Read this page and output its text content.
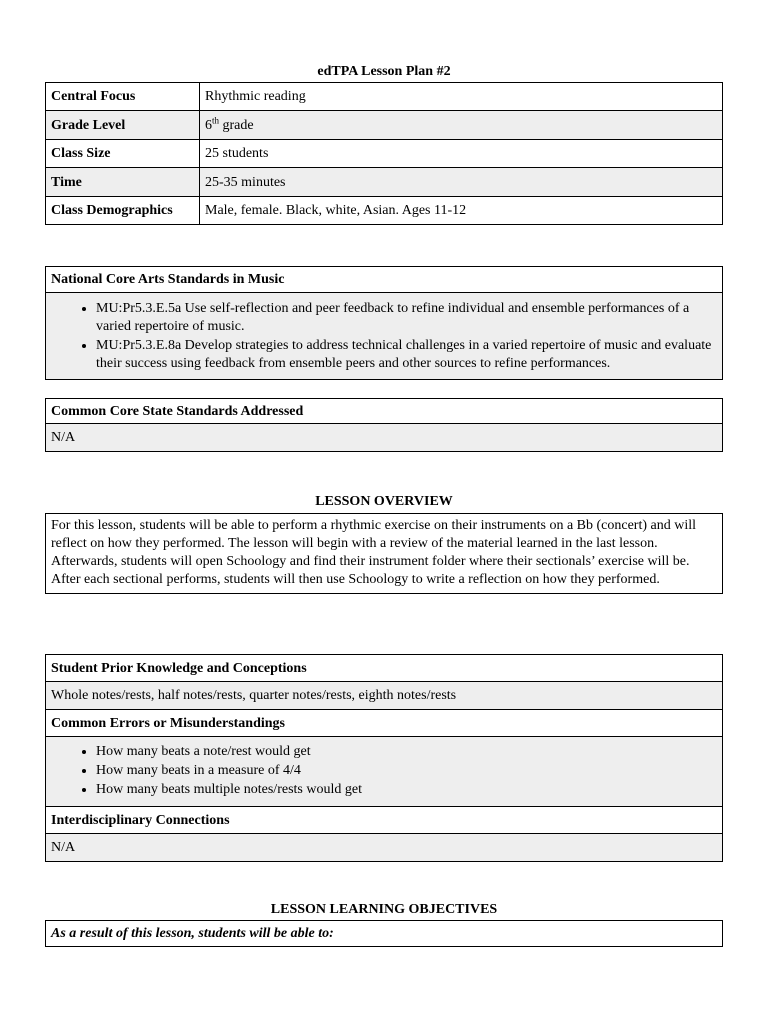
edTPA Lesson Plan #2
Central Focus	Rhythmic reading
Grade Level	6th grade
Class Size	25 students
Time	25-35 minutes
Class Demographics	Male, female. Black, white, Asian. Ages 11-12
National Core Arts Standards in Music

• MU:Pr5.3.E.5a Use self-reflection and peer feedback to refine individual and ensemble performances of a varied repertoire of music.
• MU:Pr5.3.E.8a Develop strategies to address technical challenges in a varied repertoire of music and evaluate their success using feedback from ensemble peers and other sources to refine performances.
Common Core State Standards Addressed
N/A
LESSON OVERVIEW
For this lesson, students will be able to perform a rhythmic exercise on their instruments on a Bb (concert) and will reflect on how they performed. The lesson will begin with a review of the material learned in the last lesson. Afterwards, students will open Schoology and find their instrument folder where their sectionals’ exercise will be. After each sectional performs, students will then use Schoology to write a reflection on how they performed.
Student Prior Knowledge and Conceptions
Whole notes/rests, half notes/rests, quarter notes/rests, eighth notes/rests
Common Errors or Misunderstandings

• How many beats a note/rest would get
• How many beats in a measure of 4/4
• How many beats multiple notes/rests would get

Interdisciplinary Connections
N/A
LESSON LEARNING OBJECTIVES
As a result of this lesson, students will be able to:
